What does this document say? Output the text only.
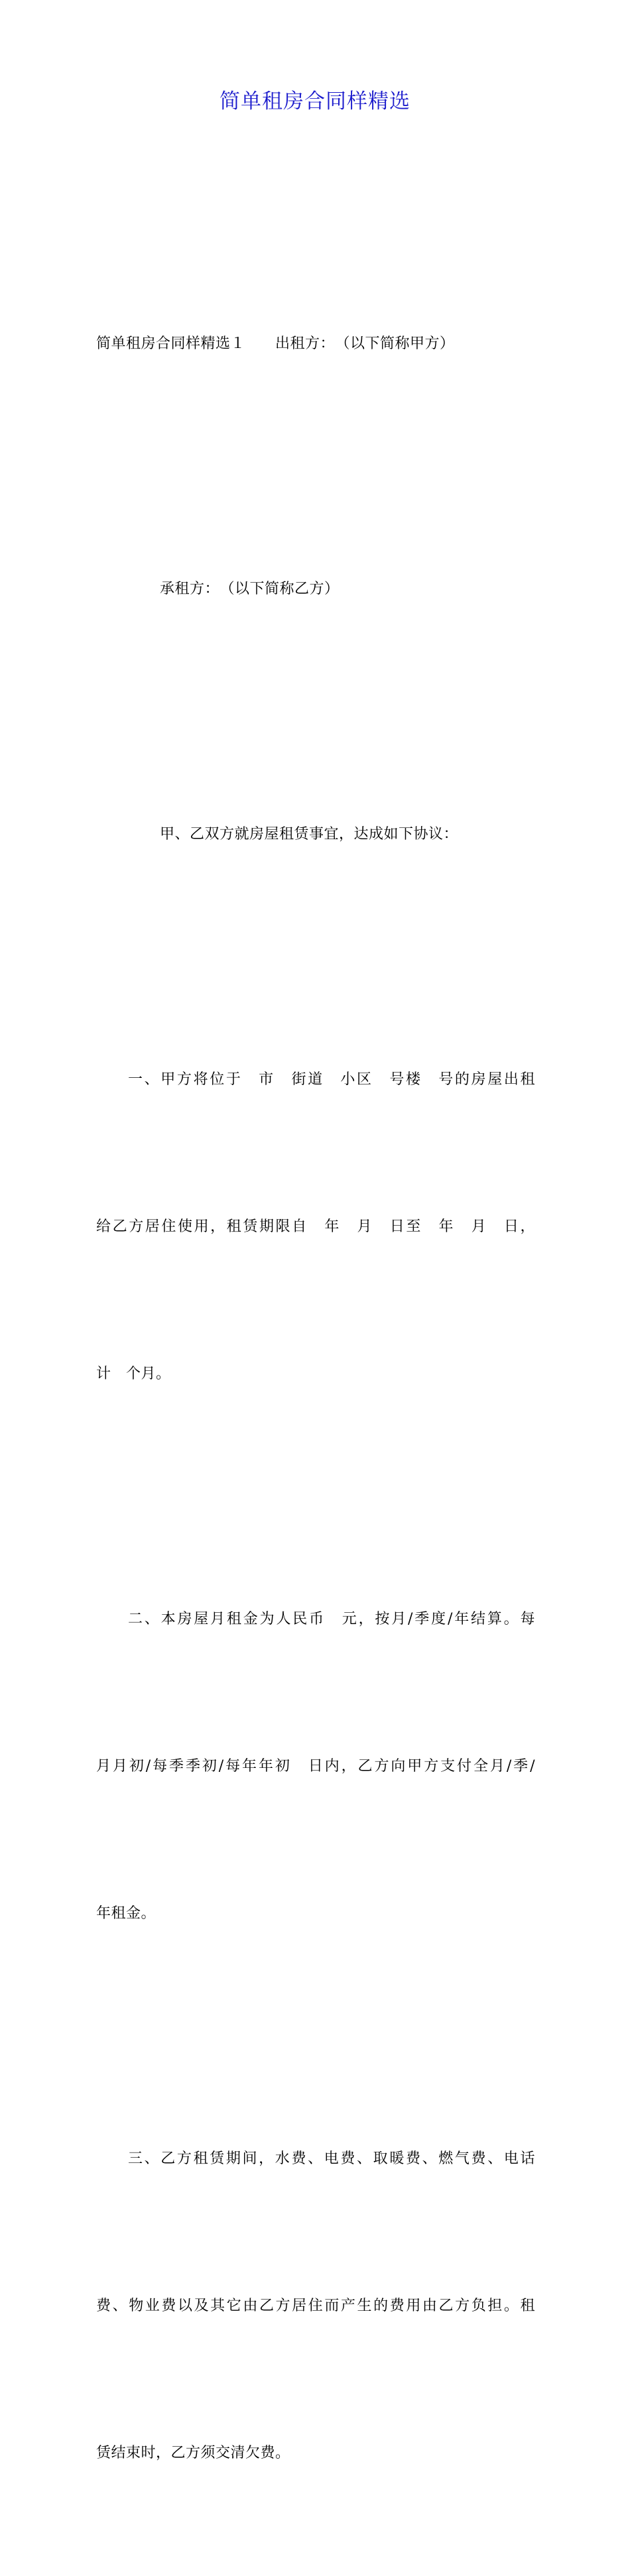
简单租房合同样精选

简单租房合同样精选１　　出租方：　（以下简称甲方）

承租方：　（以下简称乙方）

甲、乙双方就房屋租赁事宜，达成如下协议：

一、甲方将位于　市　街道　小区　号楼　号的房屋出租

给乙方居住使用，租赁期限自　年　月　日至　年　月　日，

计　个月。

二、本房屋月租金为人民币　元，按月/季度/年结算。每

月月初/每季季初/每年年初　日内，乙方向甲方支付全月/季/

年租金。

三、乙方租赁期间，水费、电费、取暖费、燃气费、电话

费、物业费以及其它由乙方居住而产生的费用由乙方负担。租

赁结束时，乙方须交清欠费。
